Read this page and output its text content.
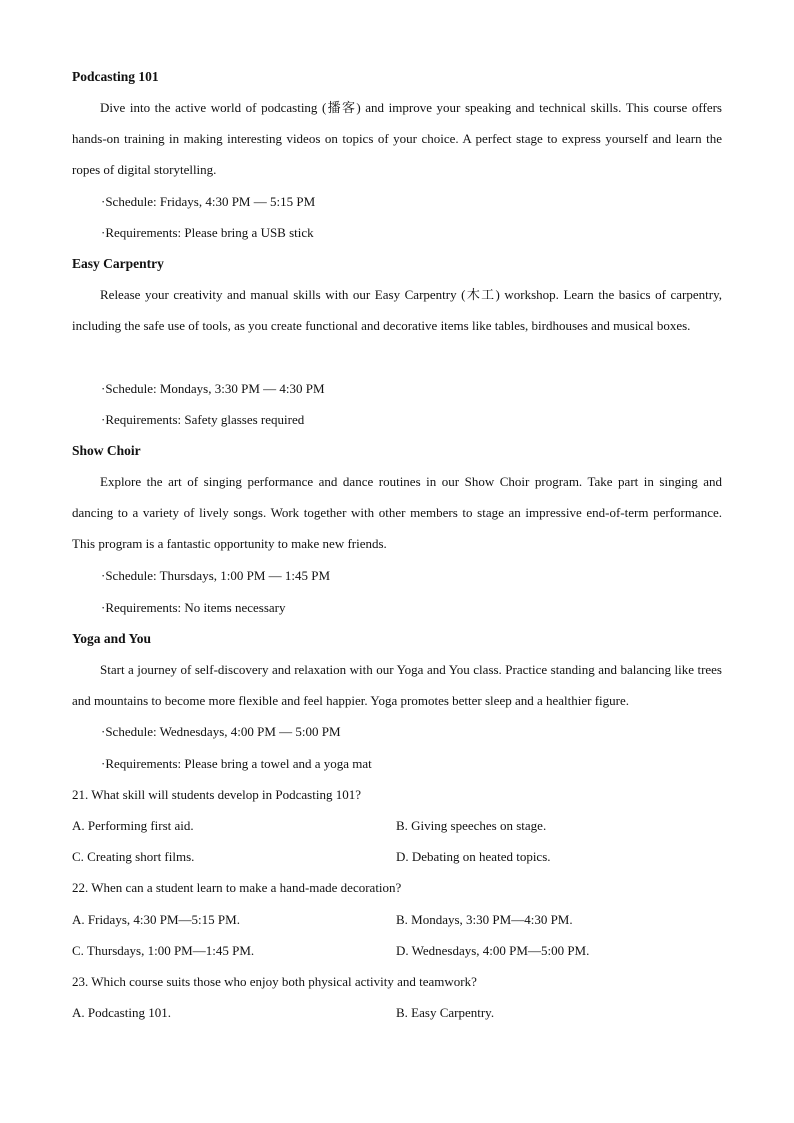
Podcasting 101
Dive into the active world of podcasting (播客) and improve your speaking and technical skills. This course offers hands-on training in making interesting videos on topics of your choice. A perfect stage to express yourself and learn the ropes of digital storytelling.
·Schedule: Fridays, 4:30 PM — 5:15 PM
·Requirements: Please bring a USB stick
Easy Carpentry
Release your creativity and manual skills with our Easy Carpentry (木工) workshop. Learn the basics of carpentry, including the safe use of tools, as you create functional and decorative items like tables, birdhouses and musical boxes.
·Schedule: Mondays, 3:30 PM — 4:30 PM
·Requirements: Safety glasses required
Show Choir
Explore the art of singing performance and dance routines in our Show Choir program. Take part in singing and dancing to a variety of lively songs. Work together with other members to stage an impressive end-of-term performance. This program is a fantastic opportunity to make new friends.
·Schedule: Thursdays, 1:00 PM — 1:45 PM
·Requirements: No items necessary
Yoga and You
Start a journey of self-discovery and relaxation with our Yoga and You class. Practice standing and balancing like trees and mountains to become more flexible and feel happier. Yoga promotes better sleep and a healthier figure.
·Schedule: Wednesdays, 4:00 PM — 5:00 PM
·Requirements: Please bring a towel and a yoga mat
21. What skill will students develop in Podcasting 101?
A. Performing first aid.	B. Giving speeches on stage.
C. Creating short films.	D. Debating on heated topics.
22. When can a student learn to make a hand-made decoration?
A. Fridays, 4:30 PM—5:15 PM.	B. Mondays, 3:30 PM—4:30 PM.
C. Thursdays, 1:00 PM—1:45 PM.	D. Wednesdays, 4:00 PM—5:00 PM.
23. Which course suits those who enjoy both physical activity and teamwork?
A. Podcasting 101.	B. Easy Carpentry.
